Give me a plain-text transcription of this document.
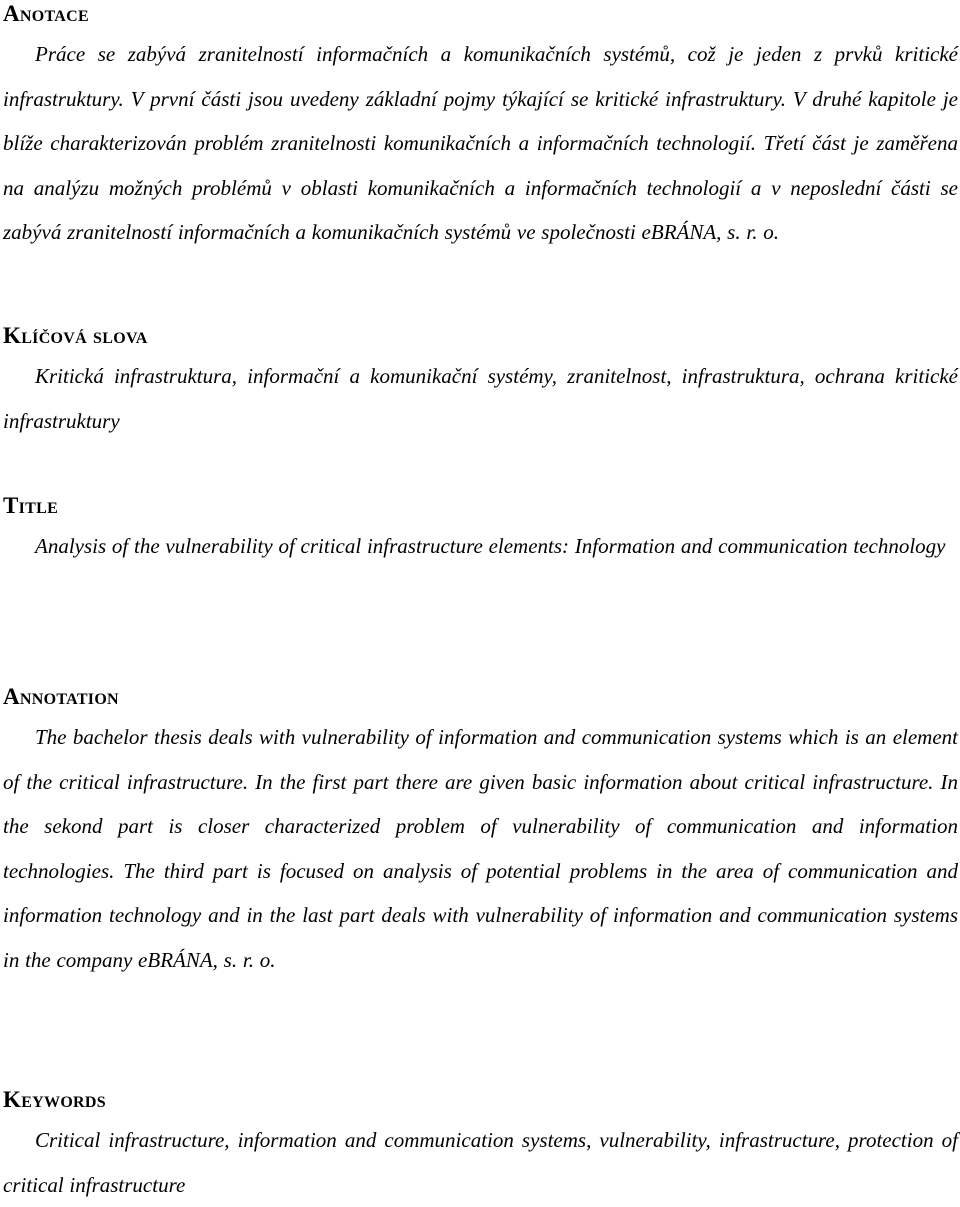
Anotace

Práce se zabývá zranitelností informačních a komunikačních systémů, což je jeden z prvků kritické infrastruktury. V první části jsou uvedeny základní pojmy týkající se kritické infrastruktury. V druhé kapitole je blíže charakterizován problém zranitelnosti komunikačních a informačních technologií. Třetí část je zaměřena na analýzu možných problémů v oblasti komunikačních a informačních technologií a v neposlední části se zabývá zranitelností informačních a komunikačních systémů ve společnosti eBRÁNA, s. r. o.

Klíčová slova

Kritická infrastruktura, informační a komunikační systémy, zranitelnost, infrastruktura, ochrana kritické infrastruktury

Title

Analysis of the vulnerability of critical infrastructure elements: Information and communication technology

Annotation

The bachelor thesis deals with vulnerability of information and communication systems which is an element of the critical infrastructure. In the first part there are given basic information about critical infrastructure. In the sekond part is closer characterized problem of vulnerability of communication and information technologies. The third part is focused on analysis of potential problems in the area of communication and information technology and in the last part deals with vulnerability of information and communication systems in the company eBRÁNA, s. r. o.

Keywords

Critical infrastructure, information and communication systems, vulnerability, infrastructure, protection of critical infrastructure
